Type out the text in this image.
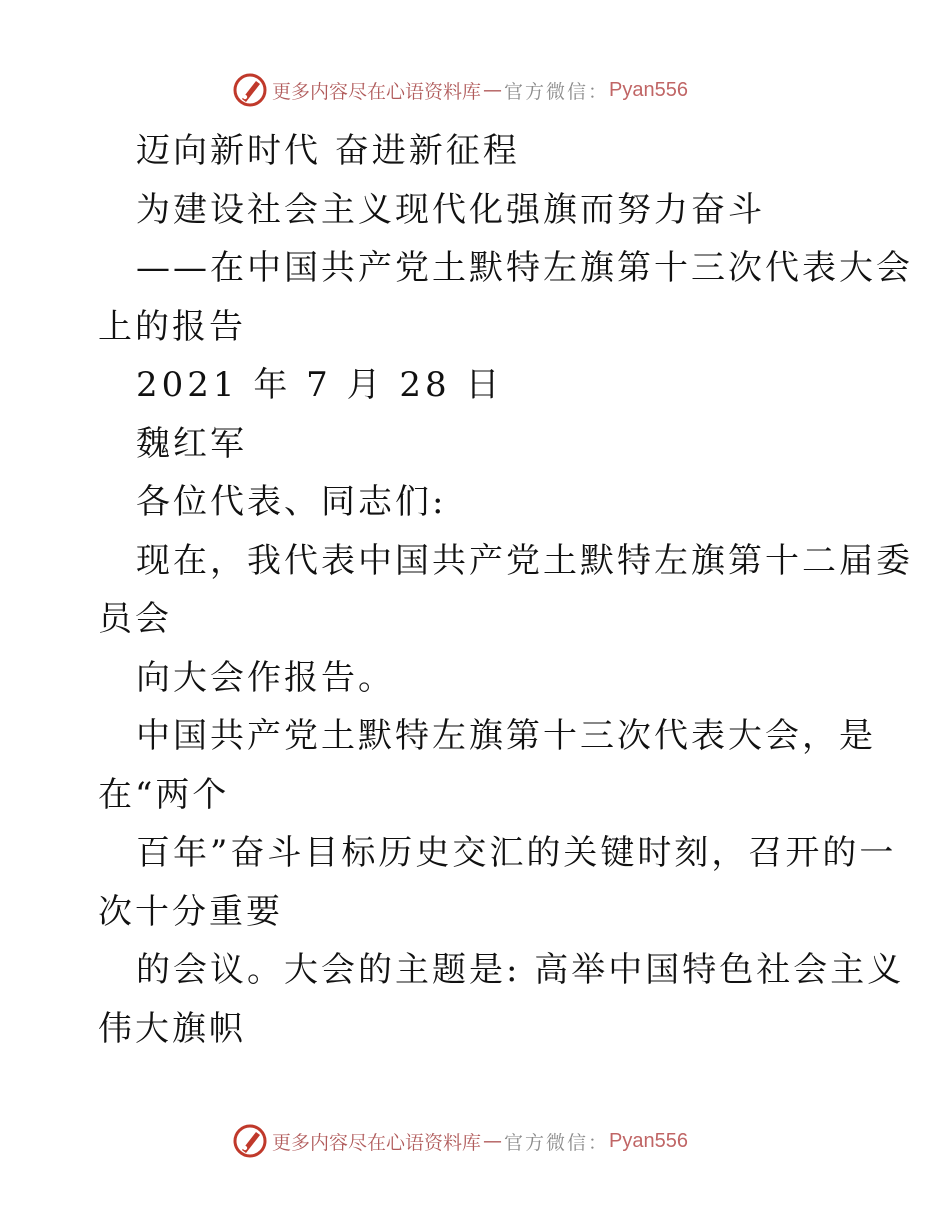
更多内容尽在心语资料库 — 官方微信： Pyan556

迈向新时代 奋进新征程

为建设社会主义现代化强旗而努力奋斗

——在中国共产党土默特左旗第十三次代表大会

上的报告

2021 年 7 月 28 日

魏红军

各位代表、同志们:

现在，我代表中国共产党土默特左旗第十二届委

员会

向大会作报告。

中国共产党土默特左旗第十三次代表大会，是

在“两个

百年”奋斗目标历史交汇的关键时刻，召开的一

次十分重要

的会议。大会的主题是: 高举中国特色社会主义

伟大旗帜

更多内容尽在心语资料库 — 官方微信： Pyan556
